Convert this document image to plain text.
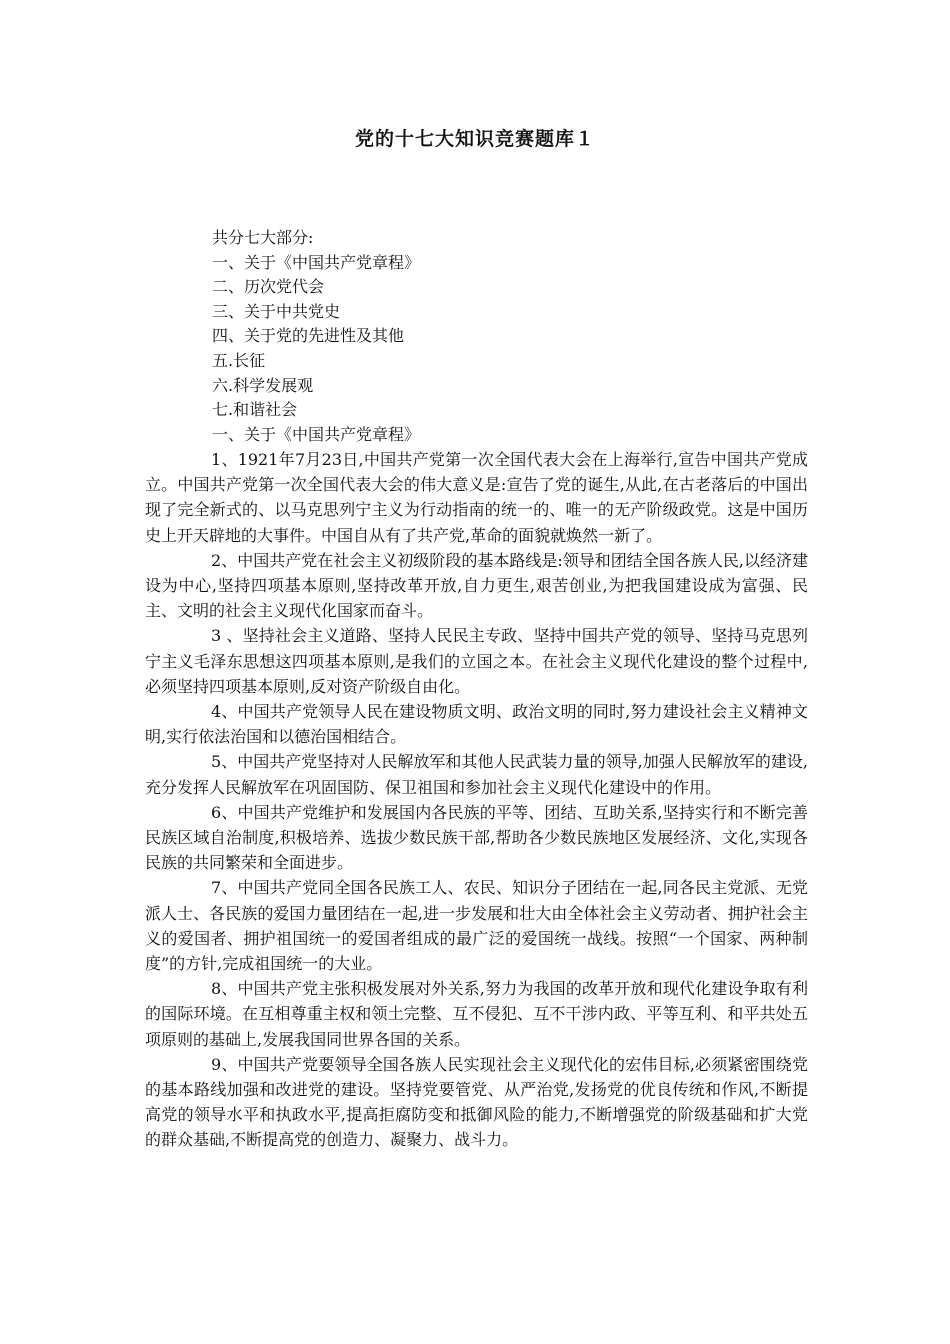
党的十七大知识竞赛题库１
共分七大部分:
一、关于《中国共产党章程》
二、历次党代会
三、关于中共党史
四、关于党的先进性及其他
五.长征
六.科学发展观
七.和谐社会
一、关于《中国共产党章程》

1、1921年7月23日,中国共产党第一次全国代表大会在上海举行,宣告中国共产党成立。中国共产党第一次全国代表大会的伟大意义是:宣告了党的诞生,从此,在古老落后的中国出现了完全新式的、以马克思列宁主义为行动指南的统一的、唯一的无产阶级政党。这是中国历史上开天辟地的大事件。中国自从有了共产党,革命的面貌就焕然一新了。

2、中国共产党在社会主义初级阶段的基本路线是:领导和团结全国各族人民,以经济建设为中心,坚持四项基本原则,坚持改革开放,自力更生,艰苦创业,为把我国建设成为富强、民主、文明的社会主义现代化国家而奋斗。

3 、坚持社会主义道路、坚持人民民主专政、坚持中国共产党的领导、坚持马克思列宁主义毛泽东思想这四项基本原则,是我们的立国之本。在社会主义现代化建设的整个过程中,必须坚持四项基本原则,反对资产阶级自由化。

4、中国共产党领导人民在建设物质文明、政治文明的同时,努力建设社会主义精神文明,实行依法治国和以德治国相结合。

5、中国共产党坚持对人民解放军和其他人民武装力量的领导,加强人民解放军的建设,充分发挥人民解放军在巩固国防、保卫祖国和参加社会主义现代化建设中的作用。

6、中国共产党维护和发展国内各民族的平等、团结、互助关系,坚持实行和不断完善民族区域自治制度,积极培养、选拔少数民族干部,帮助各少数民族地区发展经济、文化,实现各民族的共同繁荣和全面进步。

7、中国共产党同全国各民族工人、农民、知识分子团结在一起,同各民主党派、无党派人士、各民族的爱国力量团结在一起,进一步发展和壮大由全体社会主义劳动者、拥护社会主义的爱国者、拥护祖国统一的爱国者组成的最广泛的爱国统一战线。按照“一个国家、两种制度”的方针,完成祖国统一的大业。

8、中国共产党主张积极发展对外关系,努力为我国的改革开放和现代化建设争取有利的国际环境。在互相尊重主权和领土完整、互不侵犯、互不干涉内政、平等互利、和平共处五项原则的基础上,发展我国同世界各国的关系。

9、中国共产党要领导全国各族人民实现社会主义现代化的宏伟目标,必须紧密围绕党的基本路线加强和改进党的建设。坚持党要管党、从严治党,发扬党的优良传统和作风,不断提高党的领导水平和执政水平,提高拒腐防变和抵御风险的能力,不断增强党的阶级基础和扩大党的群众基础,不断提高党的创造力、凝聚力、战斗力。
